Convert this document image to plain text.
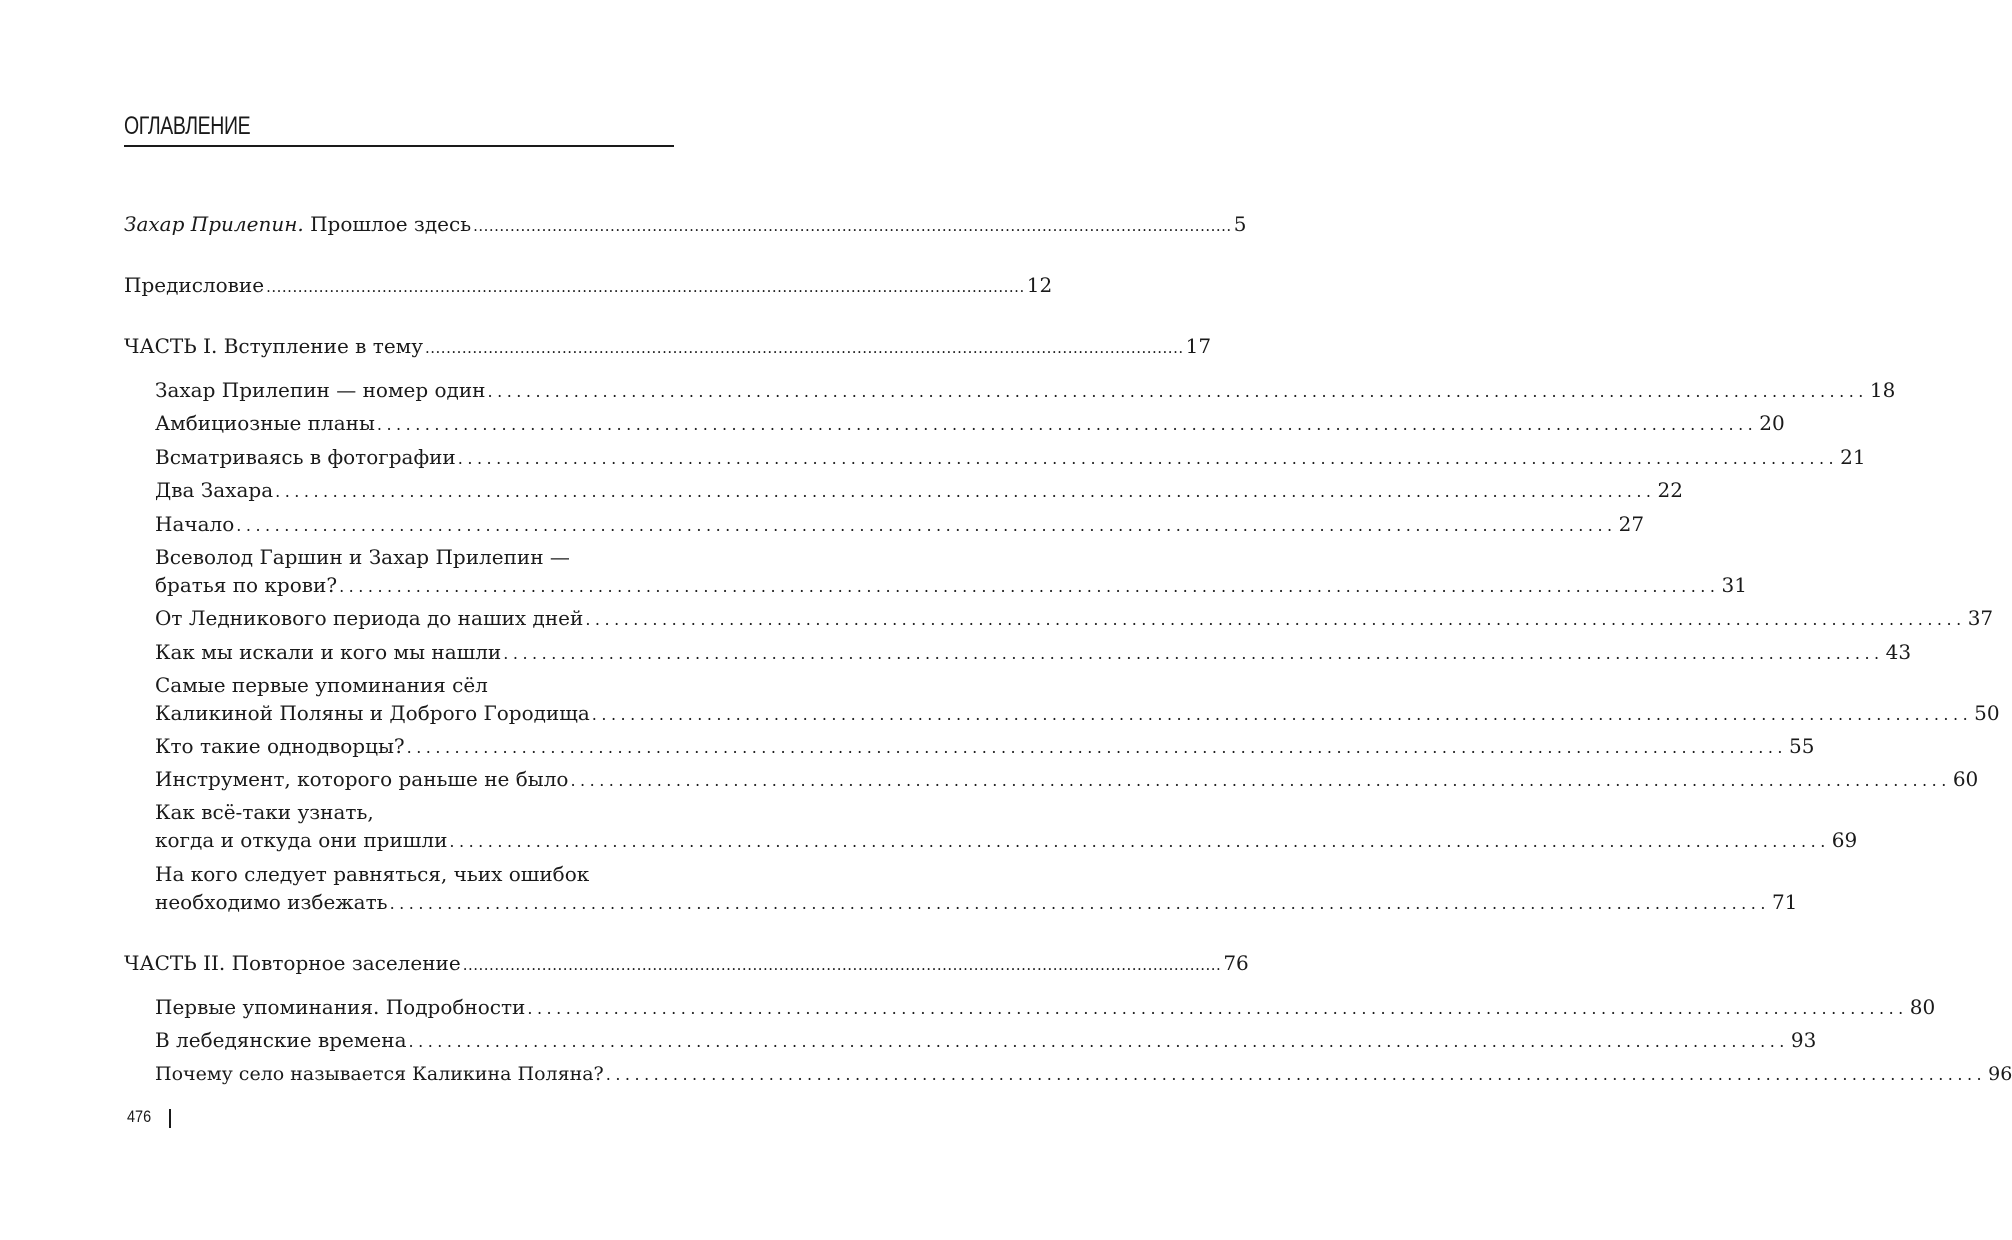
ОГЛАВЛЕНИЕ
Захар Прилепин. Прошлое здесь .....	5
Предисловие .....	12
ЧАСТЬ I. Вступление в тему .....	17
Захар Прилепин — номер один .....	18
Амбициозные планы .....	20
Всматриваясь в фотографии .....	21
Два Захара .....	22
Начало .....	27
Всеволод Гаршин и Захар Прилепин —
братья по крови? .....	31
От Ледникового периода до наших дней .....	37
Как мы искали и кого мы нашли .....	43
Самые первые упоминания сёл
Каликиной Поляны и Доброго Городища .....	50
Кто такие однодворцы? .....	55
Инструмент, которого раньше не было .....	60
Как всё-таки узнать,
когда и откуда они пришли .....	69
На кого следует равняться, чьих ошибок
необходимо избежать .....	71
ЧАСТЬ II. Повторное заселение .....	76
Первые упоминания. Подробности .....	80
В лебедянские времена .....	93
Почему село называется Каликина Поляна? .....	96
476
